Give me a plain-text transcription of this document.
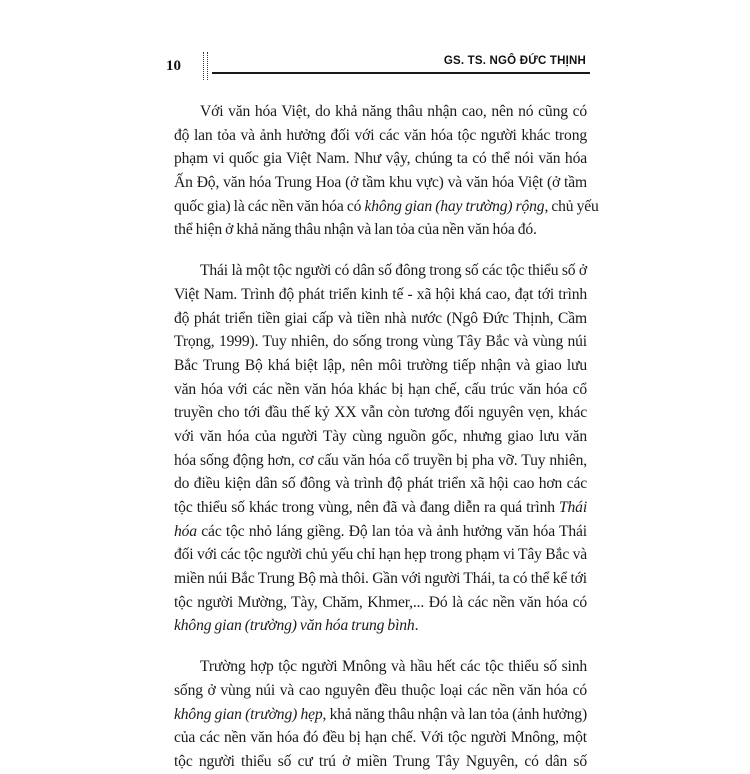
10	GS. TS. NGÔ ĐỨC THỊNH
Với văn hóa Việt, do khả năng thâu nhận cao, nên nó cũng có
độ lan tỏa và ảnh hưởng đối với các văn hóa tộc người khác trong
phạm vi quốc gia Việt Nam. Như vậy, chúng ta có thể nói văn hóa
Ấn Độ, văn hóa Trung Hoa (ở tầm khu vực) và văn hóa Việt (ở tầm
quốc gia) là các nền văn hóa có không gian (hay trường) rộng, chủ yếu
thể hiện ở khả năng thâu nhận và lan tỏa của nền văn hóa đó.
Thái là một tộc người có dân số đông trong số các tộc thiểu số ở
Việt Nam. Trình độ phát triển kinh tế - xã hội khá cao, đạt tới trình
độ phát triển tiền giai cấp và tiền nhà nước (Ngô Đức Thịnh, Cầm
Trọng, 1999). Tuy nhiên, do sống trong vùng Tây Bắc và vùng núi
Bắc Trung Bộ khá biệt lập, nên môi trường tiếp nhận và giao lưu
văn hóa với các nền văn hóa khác bị hạn chế, cấu trúc văn hóa cổ
truyền cho tới đầu thế kỷ XX vẫn còn tương đối nguyên vẹn, khác
với văn hóa của người Tày cùng nguồn gốc, nhưng giao lưu văn
hóa sống động hơn, cơ cấu văn hóa cổ truyền bị pha vỡ. Tuy nhiên,
do điều kiện dân số đông và trình độ phát triển xã hội cao hơn các
tộc thiểu số khác trong vùng, nên đã và đang diễn ra quá trình Thái
hóa các tộc nhỏ láng giềng. Độ lan tỏa và ảnh hưởng văn hóa Thái
đối với các tộc người chủ yếu chỉ hạn hẹp trong phạm vi Tây Bắc và
miền núi Bắc Trung Bộ mà thôi. Gần với người Thái, ta có thể kể tới
tộc người Mường, Tày, Chăm, Khmer,... Đó là các nền văn hóa có
không gian (trường) văn hóa trung bình.
Trường hợp tộc người Mnông và hầu hết các tộc thiểu số sinh
sống ở vùng núi và cao nguyên đều thuộc loại các nền văn hóa có
không gian (trường) hẹp, khả năng thâu nhận và lan tỏa (ảnh hưởng)
của các nền văn hóa đó đều bị hạn chế. Với tộc người Mnông, một
tộc người thiểu số cư trú ở miền Trung Tây Nguyên, có dân số
